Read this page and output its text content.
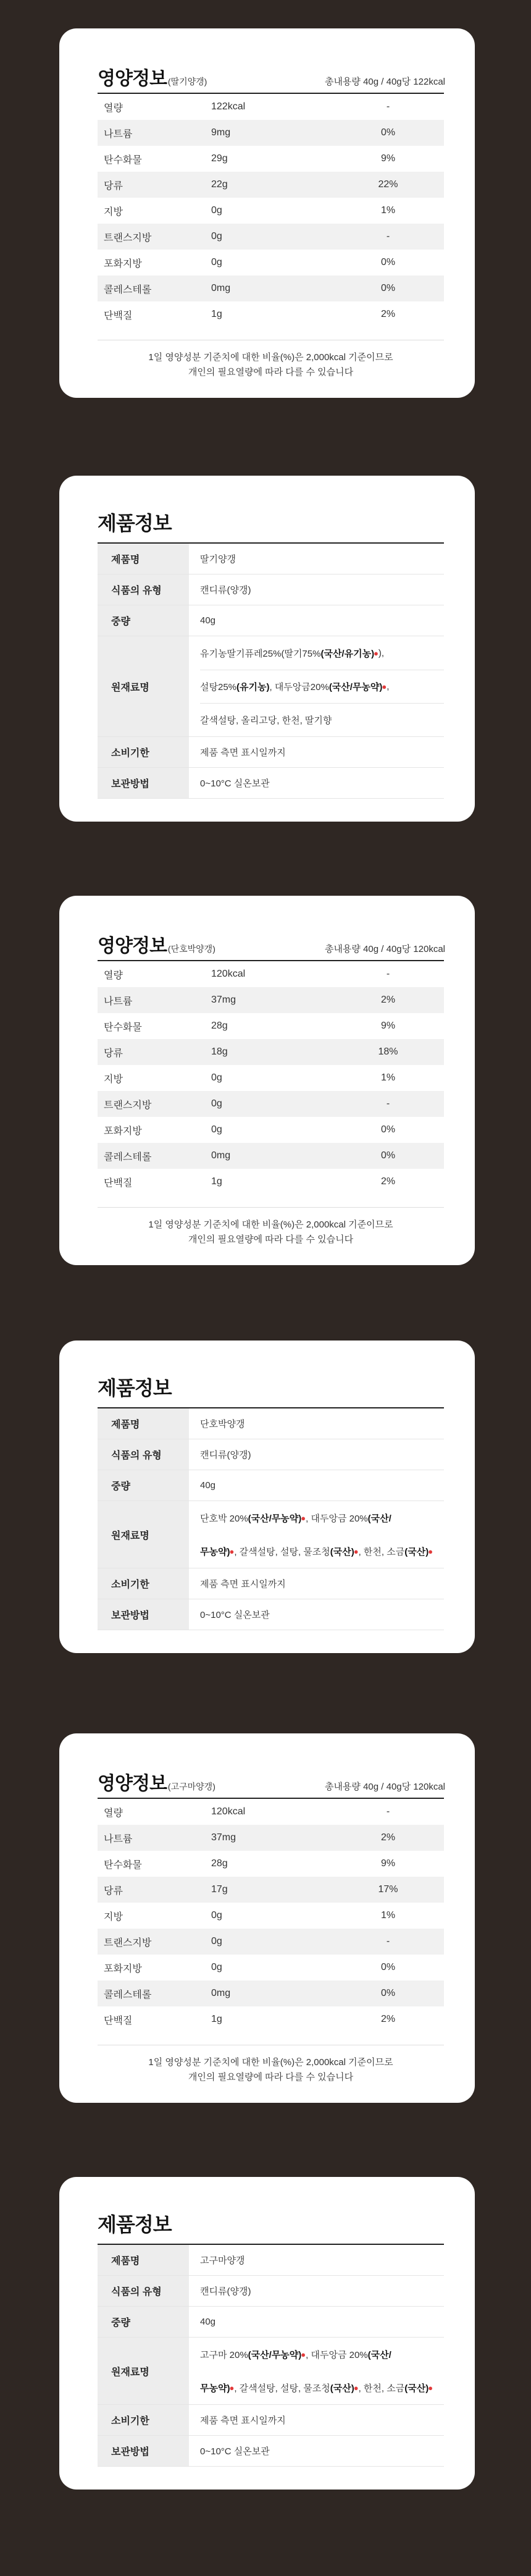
영양정보 (딸기양갱)	총내용량 40g / 40g당 122kcal
열량	122kcal	-
나트륨	9mg	0%
탄수화물	29g	9%
당류	22g	22%
지방	0g	1%
트랜스지방	0g	-
포화지방	0g	0%
콜레스테롤	0mg	0%
단백질	1g	2%
1일 영양성분 기준치에 대한 비율(%)은 2,000kcal 기준이므로
개인의 필요열량에 따라 다를 수 있습니다
제품정보
제품명	딸기양갱
식품의 유형	캔디류(양갱)
중량	40g
원재료명
유기농딸기퓨레25%(딸기75% (국산/유기농) ● ),
설탕25% (유기농) , 대두앙금20% (국산/무농약) ● ,
갈색설탕, 올리고당, 한천, 딸기향
소비기한	제품 측면 표시일까지
보관방법	0~10°C 실온보관
영양정보 (단호박양갱)	총내용량 40g / 40g당 120kcal
열량	120kcal	-
나트륨	37mg	2%
탄수화물	28g	9%
당류	18g	18%
지방	0g	1%
트랜스지방	0g	-
포화지방	0g	0%
콜레스테롤	0mg	0%
단백질	1g	2%
1일 영양성분 기준치에 대한 비율(%)은 2,000kcal 기준이므로
개인의 필요열량에 따라 다를 수 있습니다
제품정보
제품명	단호박양갱
식품의 유형	캔디류(양갱)
중량	40g
원재료명
단호박 20% (국산/무농약) ● , 대두앙금 20% (국산/
무농약) ● , 갈색설탕, 설탕, 물조청 (국산) ● , 한천, 소금 (국산) ●
소비기한	제품 측면 표시일까지
보관방법	0~10°C 실온보관
영양정보 (고구마양갱)	총내용량 40g / 40g당 120kcal
열량	120kcal	-
나트륨	37mg	2%
탄수화물	28g	9%
당류	17g	17%
지방	0g	1%
트랜스지방	0g	-
포화지방	0g	0%
콜레스테롤	0mg	0%
단백질	1g	2%
1일 영양성분 기준치에 대한 비율(%)은 2,000kcal 기준이므로
개인의 필요열량에 따라 다를 수 있습니다
제품정보
제품명	고구마양갱
식품의 유형	캔디류(양갱)
중량	40g
원재료명
고구마 20% (국산/무농약) ● , 대두앙금 20% (국산/
무농약) ● , 갈색설탕, 설탕, 물조청 (국산) ● , 한천, 소금 (국산) ●
소비기한	제품 측면 표시일까지
보관방법	0~10°C 실온보관
